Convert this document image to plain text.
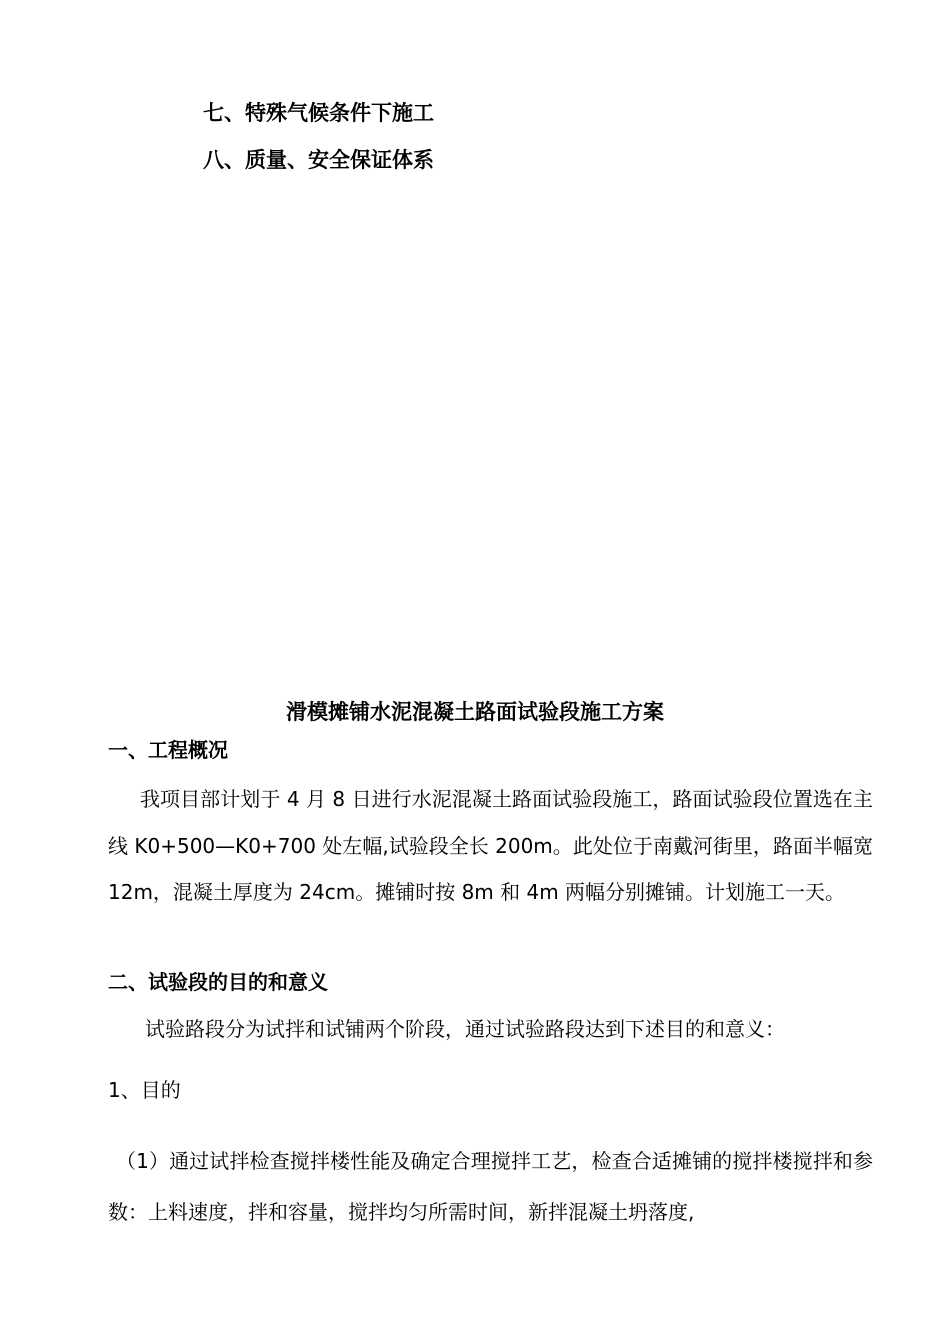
七、特殊气候条件下施工
八、质量、安全保证体系
滑模摊铺水泥混凝土路面试验段施工方案
一、工程概况
我项目部计划于 4 月 8 日进行水泥混凝土路面试验段施工，路面试验段位置选在主线 K0+500—K0+700 处左幅,试验段全长 200m。此处位于南戴河街里，路面半幅宽 12m，混凝土厚度为 24cm。摊铺时按 8m 和 4m 两幅分别摊铺。计划施工一天。
二、试验段的目的和意义
试验路段分为试拌和试铺两个阶段，通过试验路段达到下述目的和意义：
1、目的
（1）通过试拌检查搅拌楼性能及确定合理搅拌工艺，检查合适摊铺的搅拌楼搅拌和参数：上料速度，拌和容量，搅拌均匀所需时间，新拌混凝土坍落度,
